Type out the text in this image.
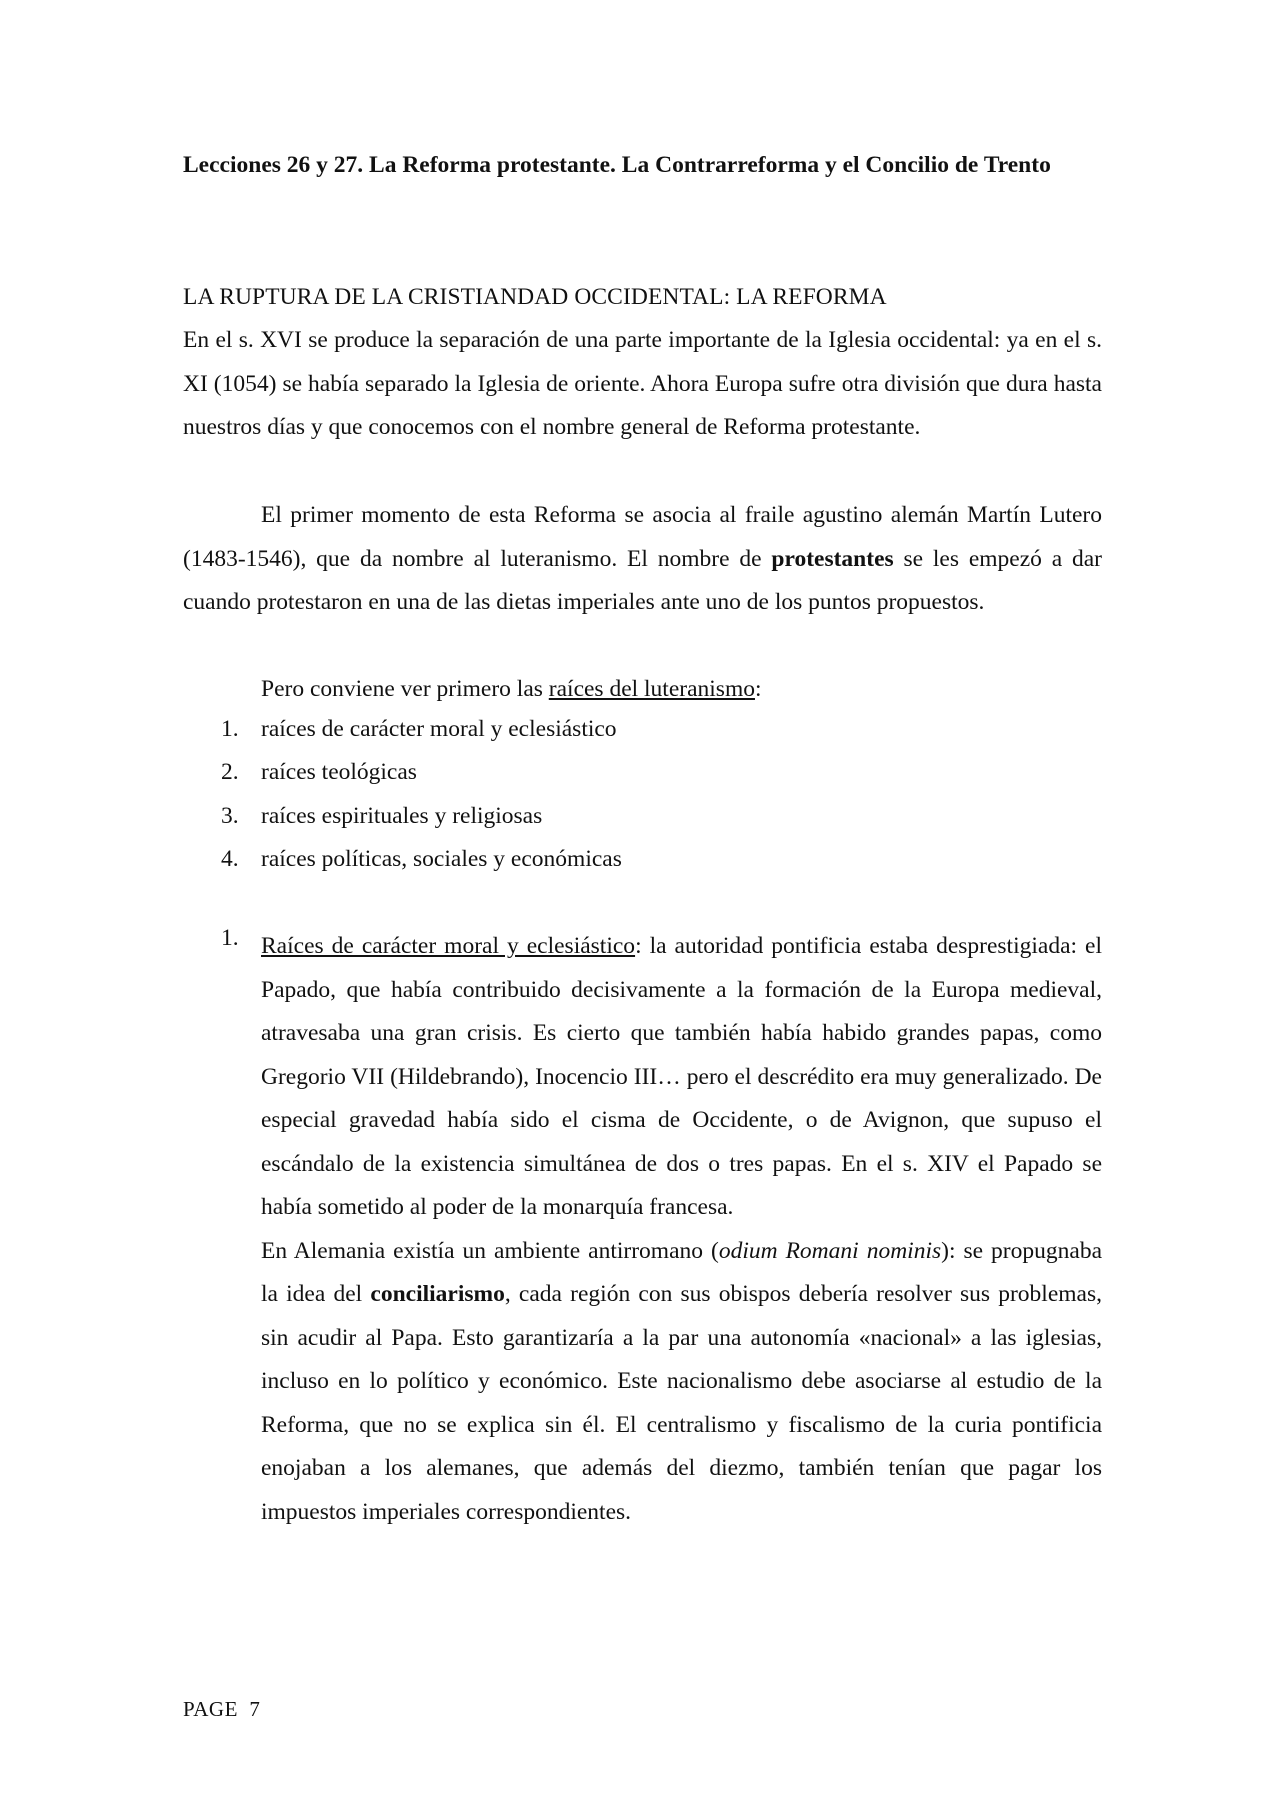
Lecciones 26 y 27. La Reforma protestante. La Contrarreforma y el Concilio de Trento

LA RUPTURA DE LA CRISTIANDAD OCCIDENTAL: LA REFORMA

En el s. XVI se produce la separación de una parte importante de la Iglesia occidental: ya en el s. XI (1054) se había separado la Iglesia de oriente. Ahora Europa sufre otra división que dura hasta nuestros días y que conocemos con el nombre general de Reforma protestante.

El primer momento de esta Reforma se asocia al fraile agustino alemán Martín Lutero (1483-1546), que da nombre al luteranismo. El nombre de protestantes se les empezó a dar cuando protestaron en una de las dietas imperiales ante uno de los puntos propuestos.

Pero conviene ver primero las raíces del luteranismo:

1. raíces de carácter moral y eclesiástico
2. raíces teológicas
3. raíces espirituales y religiosas
4. raíces políticas, sociales y económicas
1. Raíces de carácter moral y eclesiástico: la autoridad pontificia estaba desprestigiada: el Papado, que había contribuido decisivamente a la formación de la Europa medieval, atravesaba una gran crisis. Es cierto que también había habido grandes papas, como Gregorio VII (Hildebrando), Inocencio III… pero el descrédito era muy generalizado. De especial gravedad había sido el cisma de Occidente, o de Avignon, que supuso el escándalo de la existencia simultánea de dos o tres papas. En el s. XIV el Papado se había sometido al poder de la monarquía francesa.

En Alemania existía un ambiente antirromano (odium Romani nominis): se propugnaba la idea del conciliarismo, cada región con sus obispos debería resolver sus problemas, sin acudir al Papa. Esto garantizaría a la par una autonomía «nacional» a las iglesias, incluso en lo político y económico. Este nacionalismo debe asociarse al estudio de la Reforma, que no se explica sin él. El centralismo y fiscalismo de la curia pontificia enojaban a los alemanes, que además del diezmo, también tenían que pagar los impuestos imperiales correspondientes.

PAGE 7
